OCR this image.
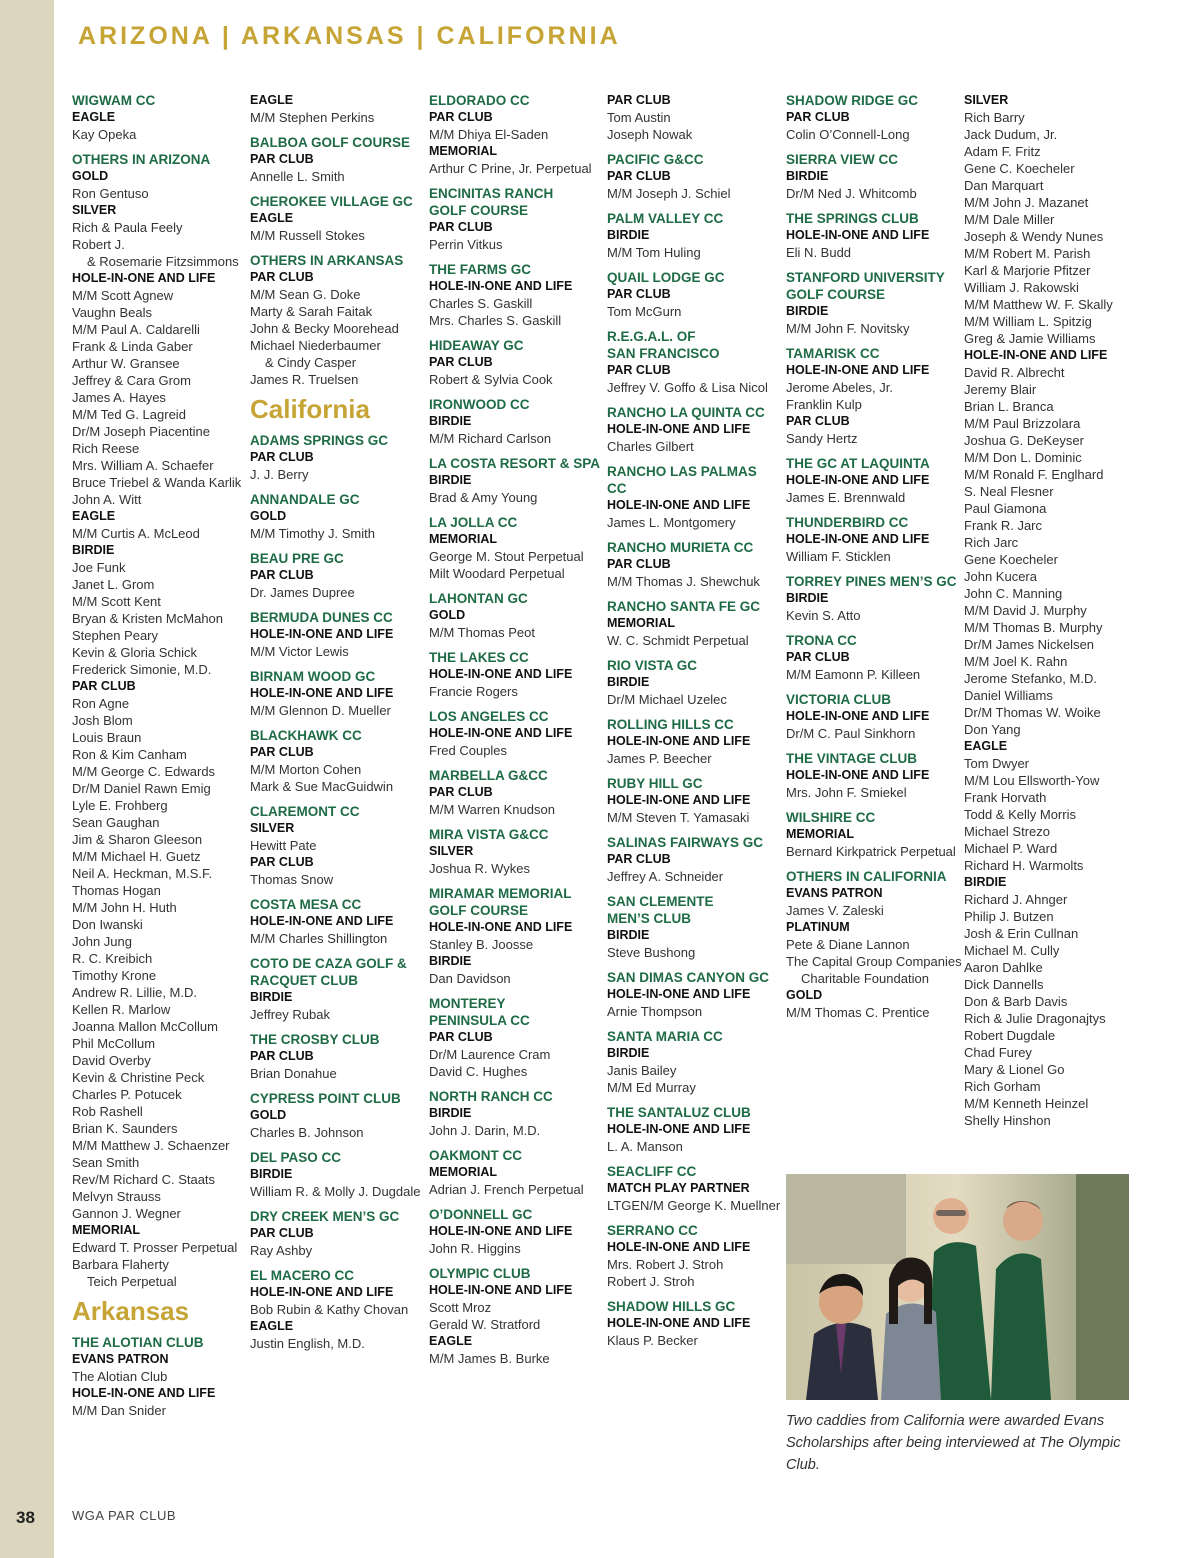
ARIZONA | ARKANSAS | CALIFORNIA
WIGWAM CC
EAGLE
Kay Opeka
OTHERS IN ARIZONA
GOLD
Ron Gentuso
SILVER
Rich & Paula Feely
Robert J.
& Rosemarie Fitzsimmons
HOLE-IN-ONE AND LIFE
M/M Scott Agnew
Vaughn Beals
M/M Paul A. Caldarelli
Frank & Linda Gaber
Arthur W. Gransee
Jeffrey & Cara Grom
James A. Hayes
M/M Ted G. Lagreid
Dr/M Joseph Piacentine
Rich Reese
Mrs. William A. Schaefer
Bruce Triebel & Wanda Karlik
John A. Witt
EAGLE
M/M Curtis A. McLeod
BIRDIE
Joe Funk
Janet L. Grom
M/M Scott Kent
Bryan & Kristen McMahon
Stephen Peary
Kevin & Gloria Schick
Frederick Simonie, M.D.
PAR CLUB
Ron Agne
Josh Blom
Louis Braun
Ron & Kim Canham
M/M George C. Edwards
Dr/M Daniel Rawn Emig
Lyle E. Frohberg
Sean Gaughan
Jim & Sharon Gleeson
M/M Michael H. Guetz
Neil A. Heckman, M.S.F.
Thomas Hogan
M/M John H. Huth
Don Iwanski
John Jung
R. C. Kreibich
Timothy Krone
Andrew R. Lillie, M.D.
Kellen R. Marlow
Joanna Mallon McCollum
Phil McCollum
David Overby
Kevin & Christine Peck
Charles P. Potucek
Rob Rashell
Brian K. Saunders
M/M Matthew J. Schaenzer
Sean Smith
Rev/M Richard C. Staats
Melvyn Strauss
Gannon J. Wegner
MEMORIAL
Edward T. Prosser Perpetual
Barbara Flaherty
Teich Perpetual
Arkansas
THE ALOTIAN CLUB
EVANS PATRON
The Alotian Club
HOLE-IN-ONE AND LIFE
M/M Dan Snider
EAGLE
M/M Stephen Perkins
BALBOA GOLF COURSE
PAR CLUB
Annelle L. Smith
CHEROKEE VILLAGE GC
EAGLE
M/M Russell Stokes
OTHERS IN ARKANSAS
PAR CLUB
M/M Sean G. Doke
Marty & Sarah Faitak
John & Becky Moorehead
Michael Niederbaumer
& Cindy Casper
James R. Truelsen
California
ADAMS SPRINGS GC
PAR CLUB
J. J. Berry
ANNANDALE GC
GOLD
M/M Timothy J. Smith
BEAU PRE GC
PAR CLUB
Dr. James Dupree
BERMUDA DUNES CC
HOLE-IN-ONE AND LIFE
M/M Victor Lewis
BIRNAM WOOD GC
HOLE-IN-ONE AND LIFE
M/M Glennon D. Mueller
BLACKHAWK CC
PAR CLUB
M/M Morton Cohen
Mark & Sue MacGuidwin
CLAREMONT CC
SILVER
Hewitt Pate
PAR CLUB
Thomas Snow
COSTA MESA CC
HOLE-IN-ONE AND LIFE
M/M Charles Shillington
COTO DE CAZA GOLF &
RACQUET CLUB
BIRDIE
Jeffrey Rubak
THE CROSBY CLUB
PAR CLUB
Brian Donahue
CYPRESS POINT CLUB
GOLD
Charles B. Johnson
DEL PASO CC
BIRDIE
William R. & Molly J. Dugdale
DRY CREEK MEN’S GC
PAR CLUB
Ray Ashby
EL MACERO CC
HOLE-IN-ONE AND LIFE
Bob Rubin & Kathy Chovan
EAGLE
Justin English, M.D.
ELDORADO CC
PAR CLUB
M/M Dhiya El-Saden
MEMORIAL
Arthur C Prine, Jr. Perpetual
ENCINITAS RANCH
GOLF COURSE
PAR CLUB
Perrin Vitkus
THE FARMS GC
HOLE-IN-ONE AND LIFE
Charles S. Gaskill
Mrs. Charles S. Gaskill
HIDEAWAY GC
PAR CLUB
Robert & Sylvia Cook
IRONWOOD CC
BIRDIE
M/M Richard Carlson
LA COSTA RESORT & SPA
BIRDIE
Brad & Amy Young
LA JOLLA CC
MEMORIAL
George M. Stout Perpetual
Milt Woodard Perpetual
LAHONTAN GC
GOLD
M/M Thomas Peot
THE LAKES CC
HOLE-IN-ONE AND LIFE
Francie Rogers
LOS ANGELES CC
HOLE-IN-ONE AND LIFE
Fred Couples
MARBELLA G&CC
PAR CLUB
M/M Warren Knudson
MIRA VISTA G&CC
SILVER
Joshua R. Wykes
MIRAMAR MEMORIAL
GOLF COURSE
HOLE-IN-ONE AND LIFE
Stanley B. Joosse
BIRDIE
Dan Davidson
MONTEREY
PENINSULA CC
PAR CLUB
Dr/M Laurence Cram
David C. Hughes
NORTH RANCH CC
BIRDIE
John J. Darin, M.D.
OAKMONT CC
MEMORIAL
Adrian J. French Perpetual
O’DONNELL GC
HOLE-IN-ONE AND LIFE
John R. Higgins
OLYMPIC CLUB
HOLE-IN-ONE AND LIFE
Scott Mroz
Gerald W. Stratford
EAGLE
M/M James B. Burke
PAR CLUB
Tom Austin
Joseph Nowak
PACIFIC G&CC
PAR CLUB
M/M Joseph J. Schiel
PALM VALLEY CC
BIRDIE
M/M Tom Huling
QUAIL LODGE GC
PAR CLUB
Tom McGurn
R.E.G.A.L. OF
SAN FRANCISCO
PAR CLUB
Jeffrey V. Goffo & Lisa Nicol
RANCHO LA QUINTA CC
HOLE-IN-ONE AND LIFE
Charles Gilbert
RANCHO LAS PALMAS CC
HOLE-IN-ONE AND LIFE
James L. Montgomery
RANCHO MURIETA CC
PAR CLUB
M/M Thomas J. Shewchuk
RANCHO SANTA FE GC
MEMORIAL
W. C. Schmidt Perpetual
RIO VISTA GC
BIRDIE
Dr/M Michael Uzelec
ROLLING HILLS CC
HOLE-IN-ONE AND LIFE
James P. Beecher
RUBY HILL GC
HOLE-IN-ONE AND LIFE
M/M Steven T. Yamasaki
SALINAS FAIRWAYS GC
PAR CLUB
Jeffrey A. Schneider
SAN CLEMENTE
MEN’S CLUB
BIRDIE
Steve Bushong
SAN DIMAS CANYON GC
HOLE-IN-ONE AND LIFE
Arnie Thompson
SANTA MARIA CC
BIRDIE
Janis Bailey
M/M Ed Murray
THE SANTALUZ CLUB
HOLE-IN-ONE AND LIFE
L. A. Manson
SEACLIFF CC
MATCH PLAY PARTNER
LTGEN/M George K. Muellner
SERRANO CC
HOLE-IN-ONE AND LIFE
Mrs. Robert J. Stroh
Robert J. Stroh
SHADOW HILLS GC
HOLE-IN-ONE AND LIFE
Klaus P. Becker
SHADOW RIDGE GC
PAR CLUB
Colin O’Connell-Long
SIERRA VIEW CC
BIRDIE
Dr/M Ned J. Whitcomb
THE SPRINGS CLUB
HOLE-IN-ONE AND LIFE
Eli N. Budd
STANFORD UNIVERSITY
GOLF COURSE
BIRDIE
M/M John F. Novitsky
TAMARISK CC
HOLE-IN-ONE AND LIFE
Jerome Abeles, Jr.
Franklin Kulp
PAR CLUB
Sandy Hertz
THE GC AT LAQUINTA
HOLE-IN-ONE AND LIFE
James E. Brennwald
THUNDERBIRD CC
HOLE-IN-ONE AND LIFE
William F. Sticklen
TORREY PINES MEN’S GC
BIRDIE
Kevin S. Atto
TRONA CC
PAR CLUB
M/M Eamonn P. Killeen
VICTORIA CLUB
HOLE-IN-ONE AND LIFE
Dr/M C. Paul Sinkhorn
THE VINTAGE CLUB
HOLE-IN-ONE AND LIFE
Mrs. John F. Smiekel
WILSHIRE CC
MEMORIAL
Bernard Kirkpatrick Perpetual
OTHERS IN CALIFORNIA
EVANS PATRON
James V. Zaleski
PLATINUM
Pete & Diane Lannon
The Capital Group Companies
Charitable Foundation
GOLD
M/M Thomas C. Prentice
SILVER
Rich Barry
Jack Dudum, Jr.
Adam F. Fritz
Gene C. Koecheler
Dan Marquart
M/M John J. Mazanet
M/M Dale Miller
Joseph & Wendy Nunes
M/M Robert M. Parish
Karl & Marjorie Pfitzer
William J. Rakowski
M/M Matthew W. F. Skally
M/M William L. Spitzig
Greg & Jamie Williams
HOLE-IN-ONE AND LIFE
David R. Albrecht
Jeremy Blair
Brian L. Branca
M/M Paul Brizzolara
Joshua G. DeKeyser
M/M Don L. Dominic
M/M Ronald F. Englhard
S. Neal Flesner
Paul Giamona
Frank R. Jarc
Rich Jarc
Gene Koecheler
John Kucera
John C. Manning
M/M David J. Murphy
M/M Thomas B. Murphy
Dr/M James Nickelsen
M/M Joel K. Rahn
Jerome Stefanko, M.D.
Daniel Williams
Dr/M Thomas W. Woike
Don Yang
EAGLE
Tom Dwyer
M/M Lou Ellsworth-Yow
Frank Horvath
Todd & Kelly Morris
Michael Strezo
Michael P. Ward
Richard H. Warmolts
BIRDIE
Richard J. Ahnger
Philip J. Butzen
Josh & Erin Cullnan
Michael M. Cully
Aaron Dahlke
Dick Dannells
Don & Barb Davis
Rich & Julie Dragonajtys
Robert Dugdale
Chad Furey
Mary & Lionel Go
Rich Gorham
M/M Kenneth Heinzel
Shelly Hinshon
Two caddies from California were awarded Evans Scholarships after being interviewed at The Olympic Club.
38	WGA PAR CLUB
